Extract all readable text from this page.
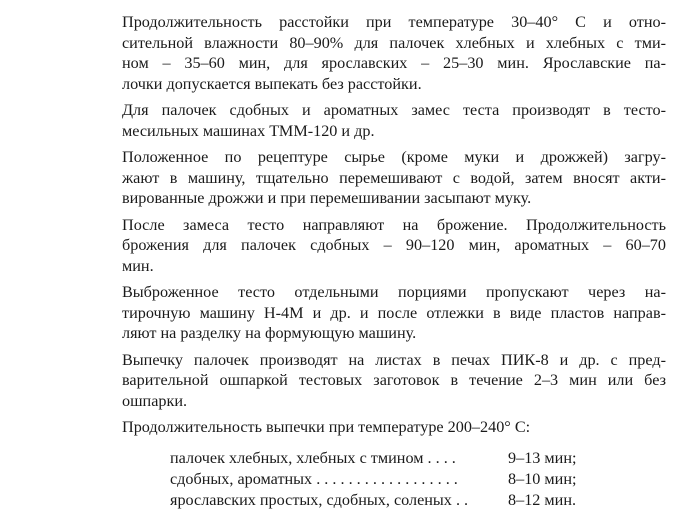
Продолжительность расстойки при температуре 30–40° С и отно-
сительной влажности 80–90% для палочек хлебных и хлебных с тми-
ном – 35–60 мин, для ярославских – 25–30 мин. Ярославские па-
лочки допускается выпекать без расстойки.

Для палочек сдобных и ароматных замес теста производят в тесто-
месильных машинах ТММ-120 и др.

Положенное по рецептуре сырье (кроме муки и дрожжей) загру-
жают в машину, тщательно перемешивают с водой, затем вносят акти-
вированные дрожжи и при перемешивании засыпают муку.

После замеса тесто направляют на брожение. Продолжительность
брожения для палочек сдобных – 90–120 мин, ароматных – 60–70
мин.

Выброженное тесто отдельными порциями пропускают через на-
тирочную машину Н-4М и др. и после отлежки в виде пластов направ-
ляют на разделку на формующую машину.

Выпечку палочек производят на листах в печах ПИК-8 и др. с пред-
варительной ошпаркой тестовых заготовок в течение 2–3 мин или без
ошпарки.

Продолжительность выпечки при температуре 200–240° С:

палочек хлебных, хлебных с тмином . . . .	9–13 мин;
сдобных, ароматных . . . . . . . . . . . . . . . . . .	8–10 мин;
ярославских простых, сдобных, соленых . . 8–12 мин.
